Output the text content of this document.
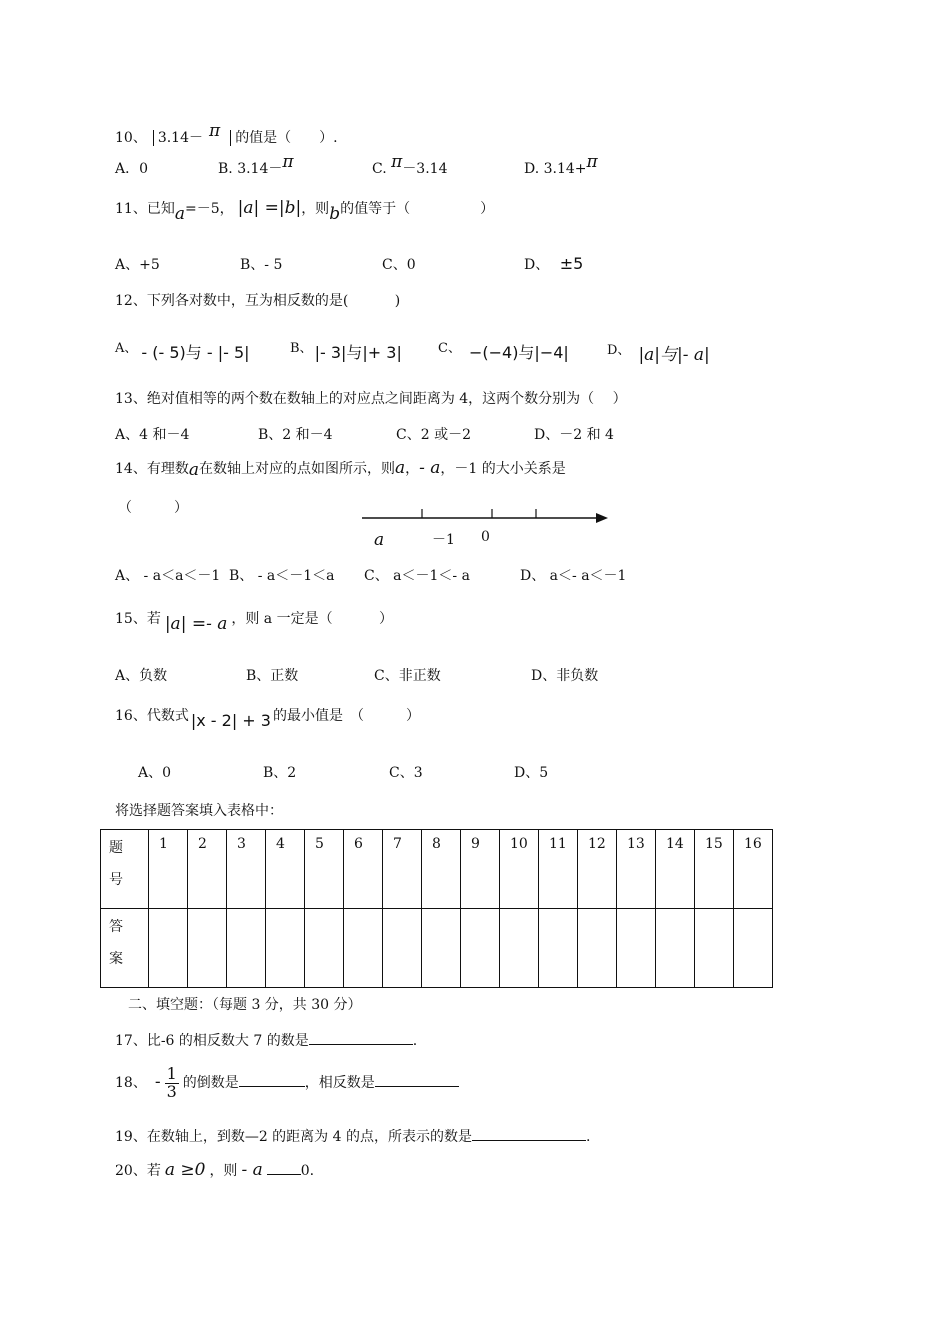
10、 3.14－ π 的值是（　　）.
A．0	B. 3.14－π	C. π－3.14	D. 3.14+π
11、已知a=－5， |a| =|b|，则b的值等于（　　　　　）
A、+5	B、- 5	C、0	D、 ±5
12、下列各对数中，互为相反数的是(　　　 )
A、 - (- 5)与 - |- 5|	B、 |- 3|与|+ 3|	C、 −(−4)与|−4|	D、 |a|与|- a|
13、绝对值相等的两个数在数轴上的对应点之间距离为 4，这两个数分别为（　 ）
A、4 和－4	B、2 和－4	C、2 或－2	D、－2 和 4
14、有理数a在数轴上对应的点如图所示，则a，- a，－1 的大小关系是
（　　　）
a	－1 0
A、 - a＜a＜－1 B、 - a＜－1＜a C、 a＜－1＜- a	D、 a＜- a＜－1
15、若 |a| =- a ，则 a 一定是（　　　 ）
A、负数	B、正数	C、非正数	D、非负数
16、代数式 |x - 2| + 3 的最小值是　（　　　）
A、0	B、2	C、3	D、5
将选择题答案填入表格中：
题
号	1	2	3	4	5	6	7	8	9	10	11	12	13	14	15	16
答
案																
二、填空题：（每题 3 分，共 30 分）
17、比-6 的相反数大 7 的数是	.
18、 - $\frac{1}{3}$ 的倒数是	，相反数是
19、在数轴上，到数—2 的距离为 4 的点，所表示的数是	.
20、若 a ≥0 ，则 - a	0.
